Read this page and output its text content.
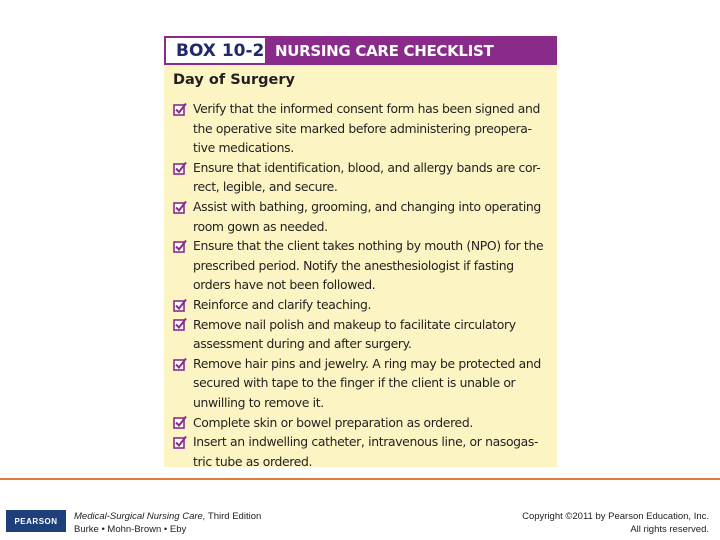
BOX 10-2 NURSING CARE CHECKLIST
Day of Surgery
Verify that the informed consent form has been signed and
the operative site marked before administering preopera-
tive medications.
Ensure that identification, blood, and allergy bands are cor-
rect, legible, and secure.
Assist with bathing, grooming, and changing into operating
room gown as needed.
Ensure that the client takes nothing by mouth (NPO) for the
prescribed period. Notify the anesthesiologist if fasting
orders have not been followed.
Reinforce and clarify teaching.
Remove nail polish and makeup to facilitate circulatory
assessment during and after surgery.
Remove hair pins and jewelry. A ring may be protected and
secured with tape to the finger if the client is unable or
unwilling to remove it.
Complete skin or bowel preparation as ordered.
Insert an indwelling catheter, intravenous line, or nasogas-
tric tube as ordered.
PEARSON	Medical-Surgical Nursing Care, Third Edition
Burke • Mohn-Brown • Eby
Copyright ©2011 by Pearson Education, Inc.
All rights reserved.
